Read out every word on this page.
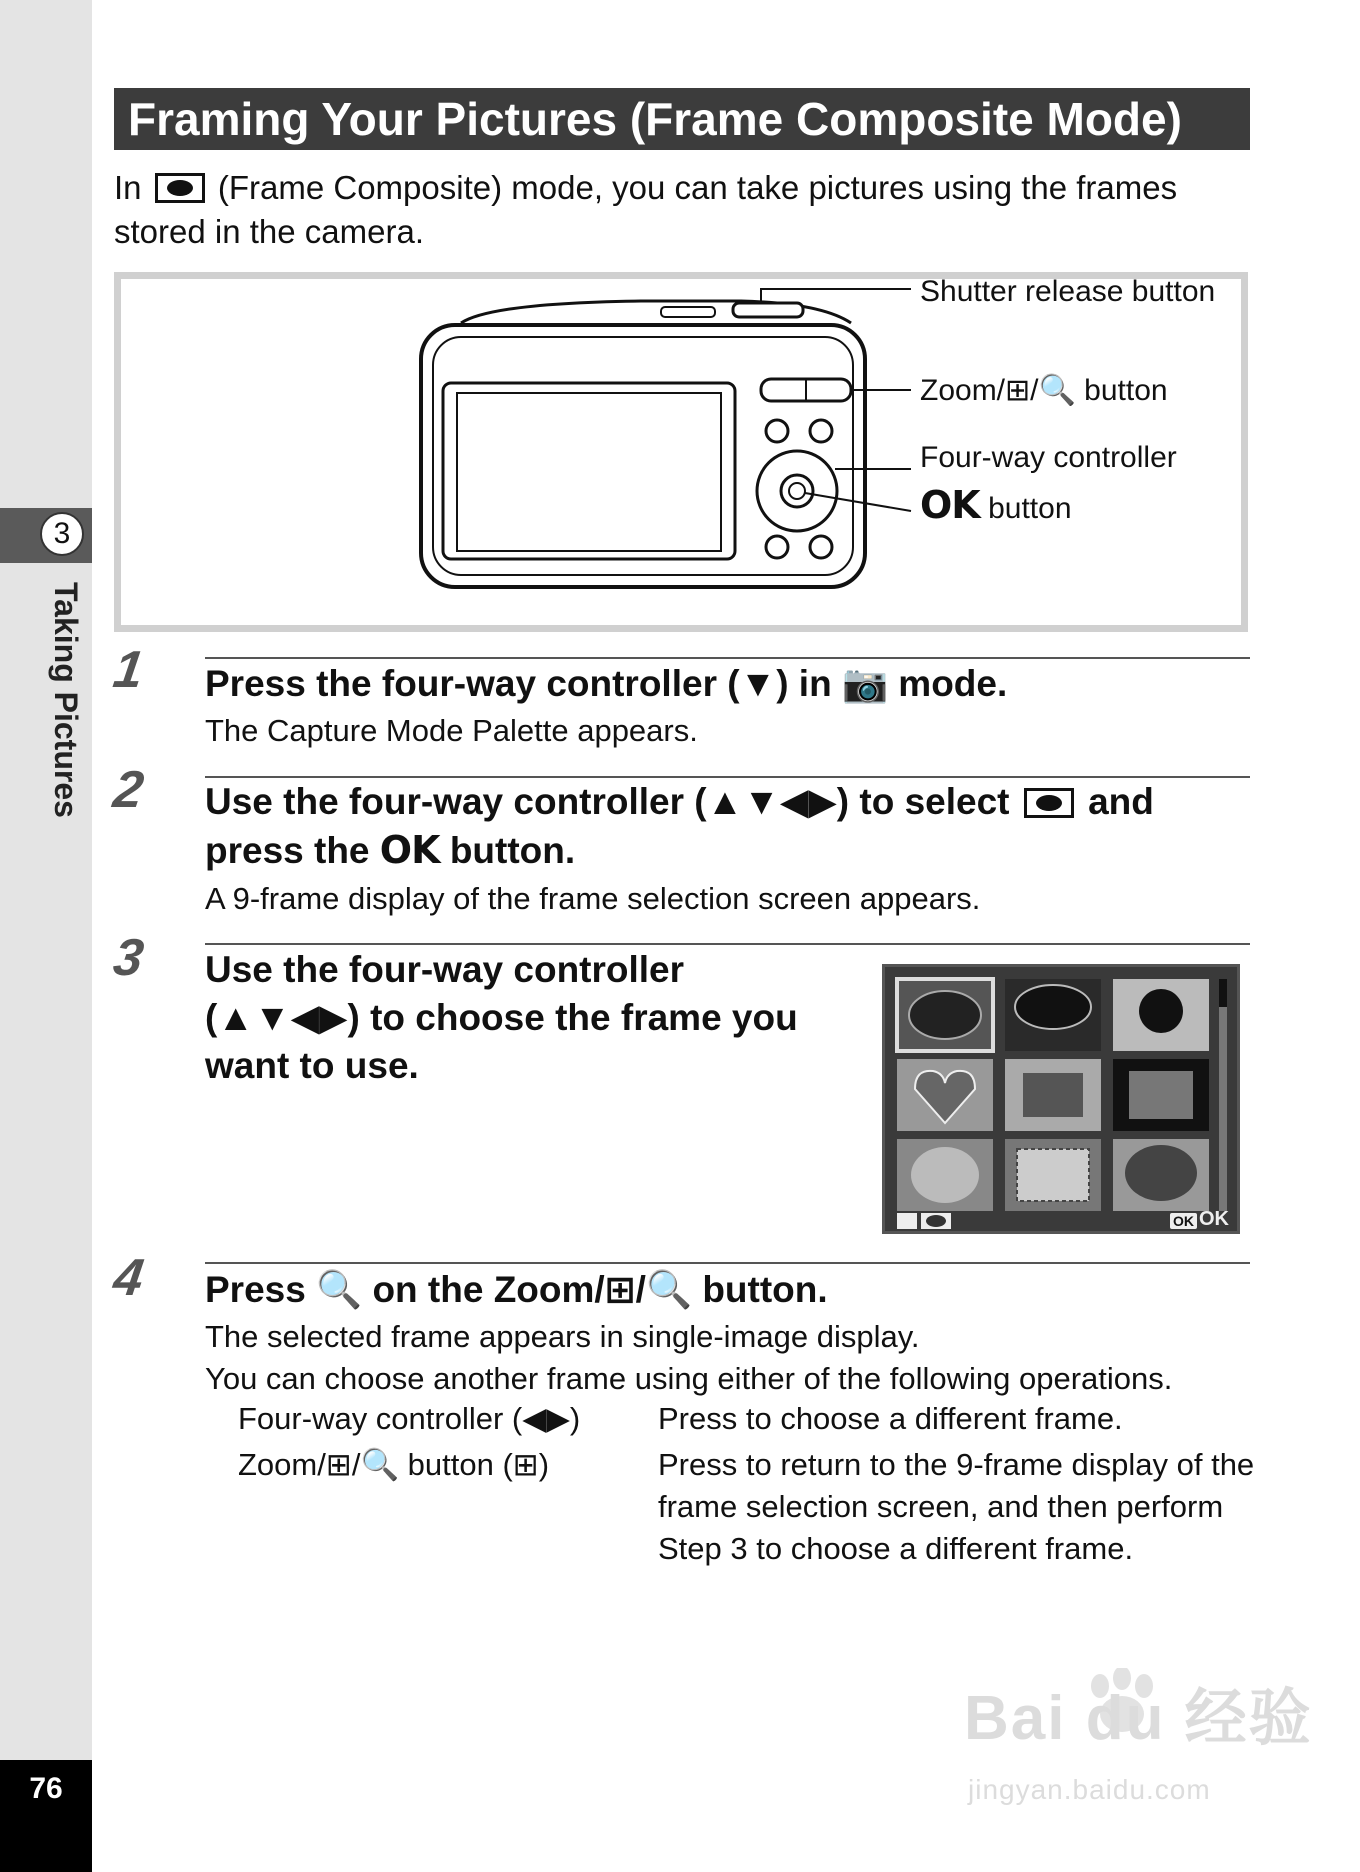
3
Taking Pictures
76
Framing Your Pictures (Frame Composite Mode)
In (Frame Composite) mode, you can take pictures using the frames stored in the camera.
Shutter release button
Zoom/⊞/🔍 button
Four-way controller
OK button
1 Press the four-way controller (▼) in 📷 mode.
The Capture Mode Palette appears.
2 Use the four-way controller (▲▼◀▶) to select and
press the OK button.
A 9-frame display of the frame selection screen appears.
3 Use the four-way controller
(▲▼◀▶) to choose the frame you
want to use.
OK OK
4 Press 🔍 on the Zoom/⊞/🔍 button.
The selected frame appears in single-image display.
You can choose another frame using either of the following operations.
Four-way controller (◀▶)	Press to choose a different frame.
Zoom/⊞/🔍 button (⊞)	Press to return to the 9-frame display of the frame selection screen, and then perform Step 3 to choose a different frame.
Bai du 经验
jingyan.baidu.com
